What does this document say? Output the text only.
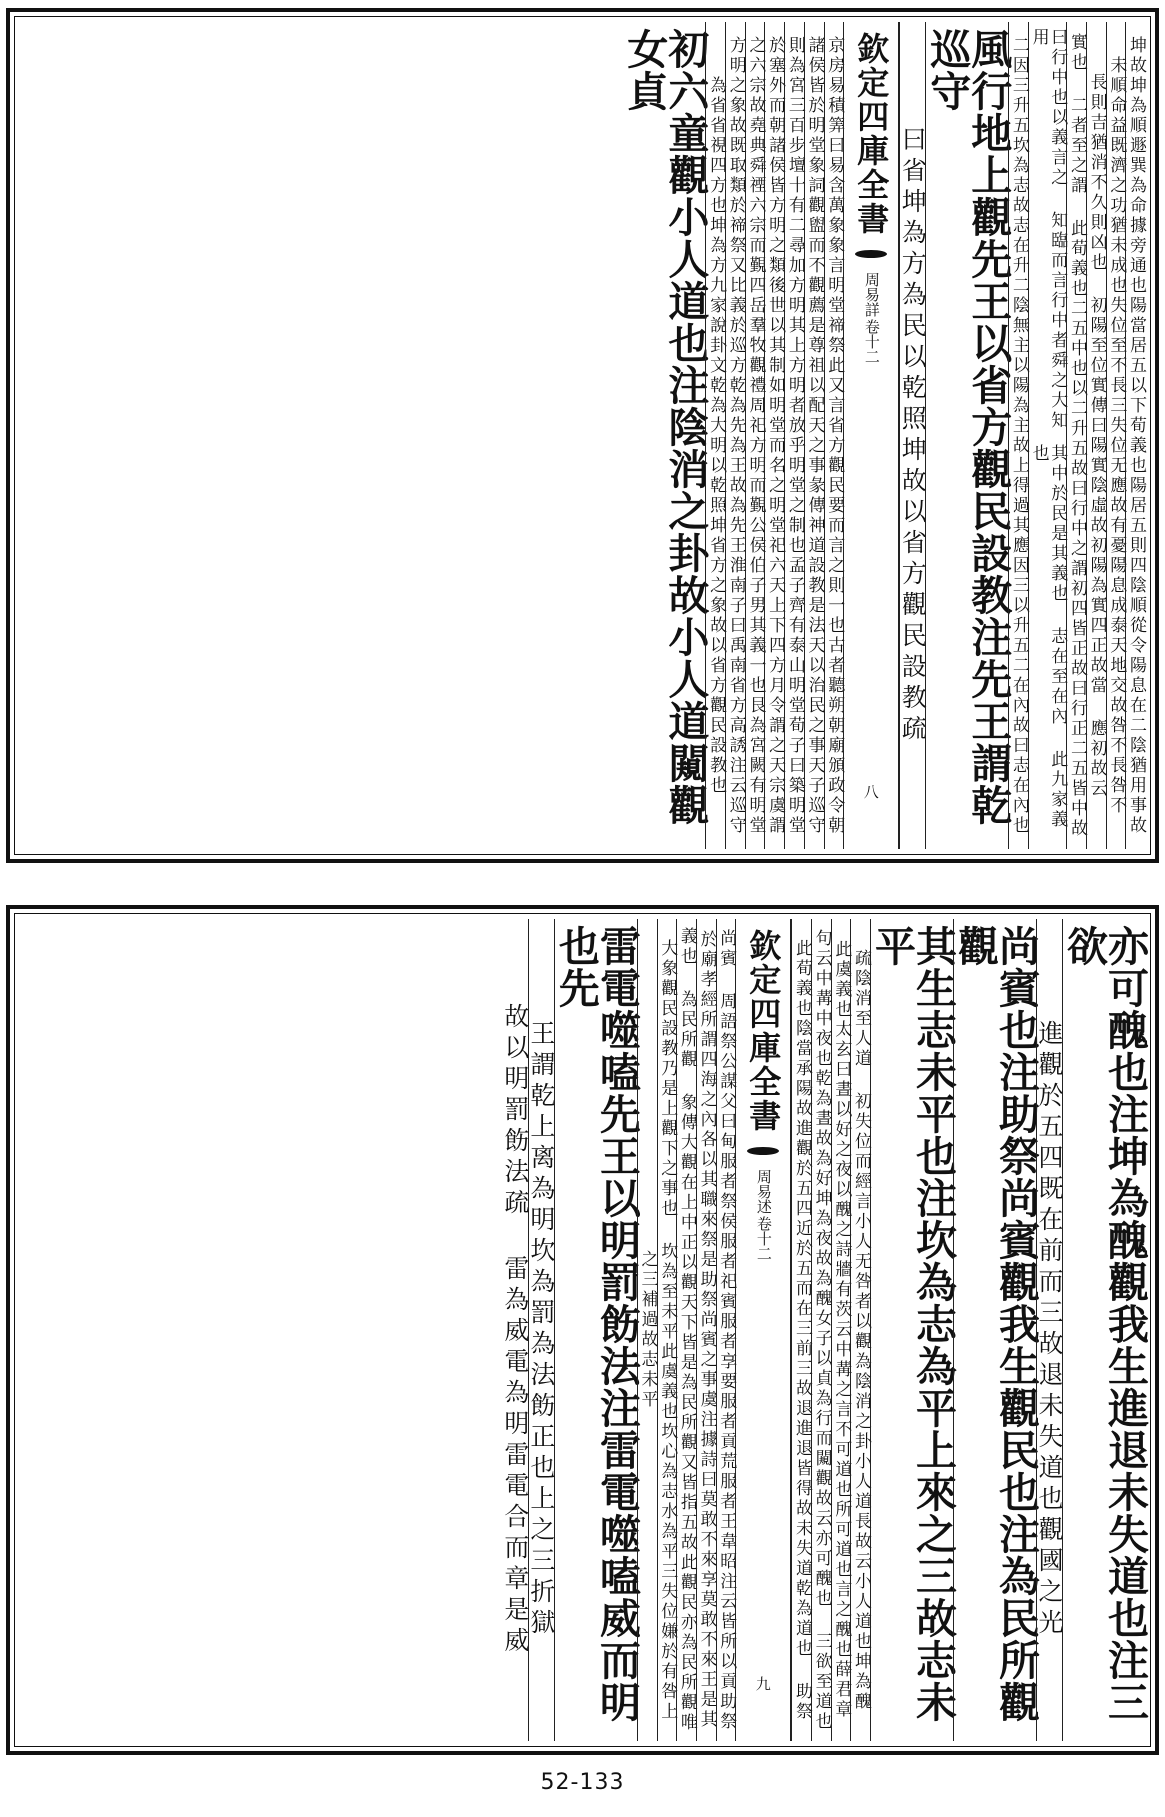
坤故坤為順遯巽為命據旁通也陽當居五以下荀
義也陽居五則四陰順從令陽息在二陰猶用事故
未順命益既濟之功猶未成也失位至不長三
失位无應故有憂陽息成泰天地交故咎不長咎不
長則吉猶消不久則凶也 初陽至位實
傳曰陽實陰虛故初陽為實四正故當 應初故云
實也 二者至之謂 此荀義也二五中也以二升
五故曰行中之謂初四皆正故曰行正二五皆中故
曰行中也以義言之 知臨而言行中者舜之大知用
其中於民是其義也 志在至在內 此九家義也
二因三升五坎為志故志在升二陰無主以陽為主
故上得過其應因三以升五二在內故曰志在內也
風行地上觀先王以省方觀民設教注先王謂乾巡守
曰省坤為方為民以乾照坤故以省方觀民設教疏
欽定四庫全書
周易詳
卷十二
八
京房易積筭曰易含萬象象言明堂禘祭此又言省
方觀民要而言之則一也古者聽朔朝廟頒政令朝
諸侯皆於明堂象詞觀盥而不觀薦是尊祖以配天
之事彖傳神道設教是法天以治民之事天子巡守
則為宮三百步壇十有二尋加方明其上方明者放
乎明堂之制也孟子齊有泰山明堂荀子曰築明堂
於塞外而朝諸侯皆方明之類後世以其制如明堂
而名之明堂祀六天上下四方月令謂之天宗虞謂
之六宗故堯典舜禋六宗而覲四岳羣牧觀禮周祀
方明而覲公侯伯子男其義一也艮為宮闕有明堂
方明之象故既取類於禘祭又比義於巡方乾為先
為王故為先王淮南子曰禹南省方高誘注云巡守
為省省視四方也坤為方九家說卦文乾為大
明以乾照坤省方之象故以省方觀民設教也
初六童觀小人道也注陰消之卦故小人道闚觀女貞
亦可醜也注坤為醜觀我生進退未失道也注三欲
進觀於五四既在前而三故退未失道也觀國之光
尚賓也注助祭尚賓觀我生觀民也注為民所觀觀
其生志未平也注坎為志為平上來之三故志未平
疏陰消至人道 初失位而經言小人无咎者以觀
為陰消之卦小人道長故云小人道也坤為醜
此虞義也太玄曰晝以好之夜以醜之詩牆有茨
云中冓之言不可道也所可道也言之醜也薛君章
句云中冓中夜也乾為晝故為好坤為夜故為醜女
子以貞為行而闚觀故云亦可醜也 三欲至道也
此荀義也陰當承陽故進觀於五四近於五而在
三前三故退進退皆得故未失道乾為道也 助祭
欽定四庫全書
周易述
卷十二
九
尚賓 周語祭公謀父曰甸服者祭侯服者祀賓服
者享要服者貢荒服者王韋昭注云皆所以貢助祭
於廟孝經所謂四海之內各以其職來祭是助祭尚
賓之事虞注據詩曰莫敢不來享莫敢不來王是其
義也 為民所觀 象傳大觀在上中正以觀天下
皆是為民所觀又皆指五故此觀民亦為民所觀唯
大象觀民設教乃是上觀下之事也 坎為至未平
此虞義也坎心為志水為平三失位嫌於有咎上
之三補過
故志未平
雷電噬嗑先王以明罰飭法注雷電噬嗑威而明也先
王謂乾上离為明坎為罰為法飭正也上之三折獄
故以明罰飭法疏 雷為威電為明雷電合而章是威
52-133
